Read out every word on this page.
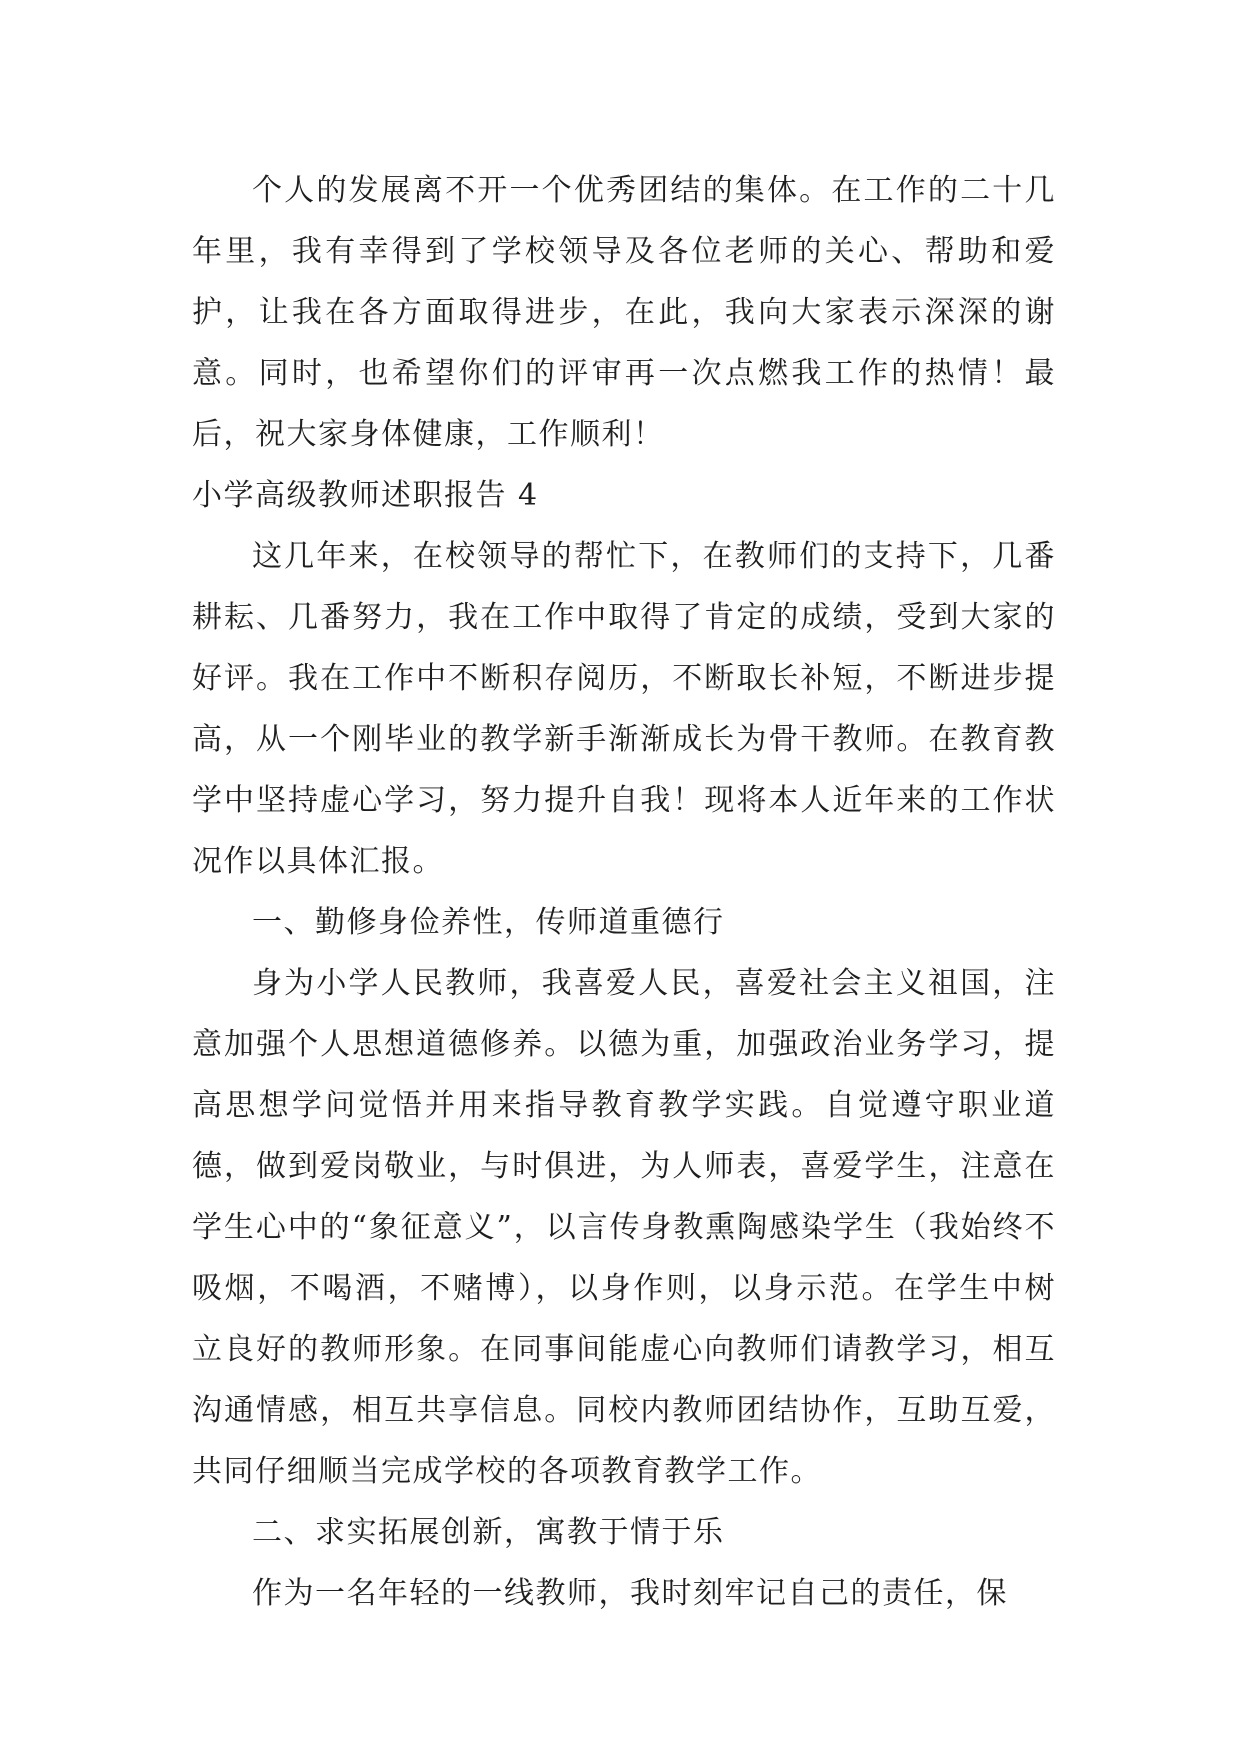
个人的发展离不开一个优秀团结的集体。在工作的二十几年里，我有幸得到了学校领导及各位老师的关心、帮助和爱护，让我在各方面取得进步，在此，我向大家表示深深的谢意。同时，也希望你们的评审再一次点燃我工作的热情！最后，祝大家身体健康，工作顺利！

小学高级教师述职报告 4

这几年来，在校领导的帮忙下，在教师们的支持下，几番耕耘、几番努力，我在工作中取得了肯定的成绩，受到大家的好评。我在工作中不断积存阅历，不断取长补短，不断进步提高，从一个刚毕业的教学新手渐渐成长为骨干教师。在教育教学中坚持虚心学习，努力提升自我！现将本人近年来的工作状况作以具体汇报。

一、勤修身俭养性，传师道重德行

身为小学人民教师，我喜爱人民，喜爱社会主义祖国，注意加强个人思想道德修养。以德为重，加强政治业务学习，提高思想学问觉悟并用来指导教育教学实践。自觉遵守职业道德，做到爱岗敬业，与时俱进，为人师表，喜爱学生，注意在学生心中的“象征意义”，以言传身教熏陶感染学生（我始终不吸烟，不喝酒，不赌博），以身作则，以身示范。在学生中树立良好的教师形象。在同事间能虚心向教师们请教学习，相互沟通情感，相互共享信息。同校内教师团结协作，互助互爱，共同仔细顺当完成学校的各项教育教学工作。

二、求实拓展创新，寓教于情于乐

作为一名年轻的一线教师，我时刻牢记自己的责任，保
